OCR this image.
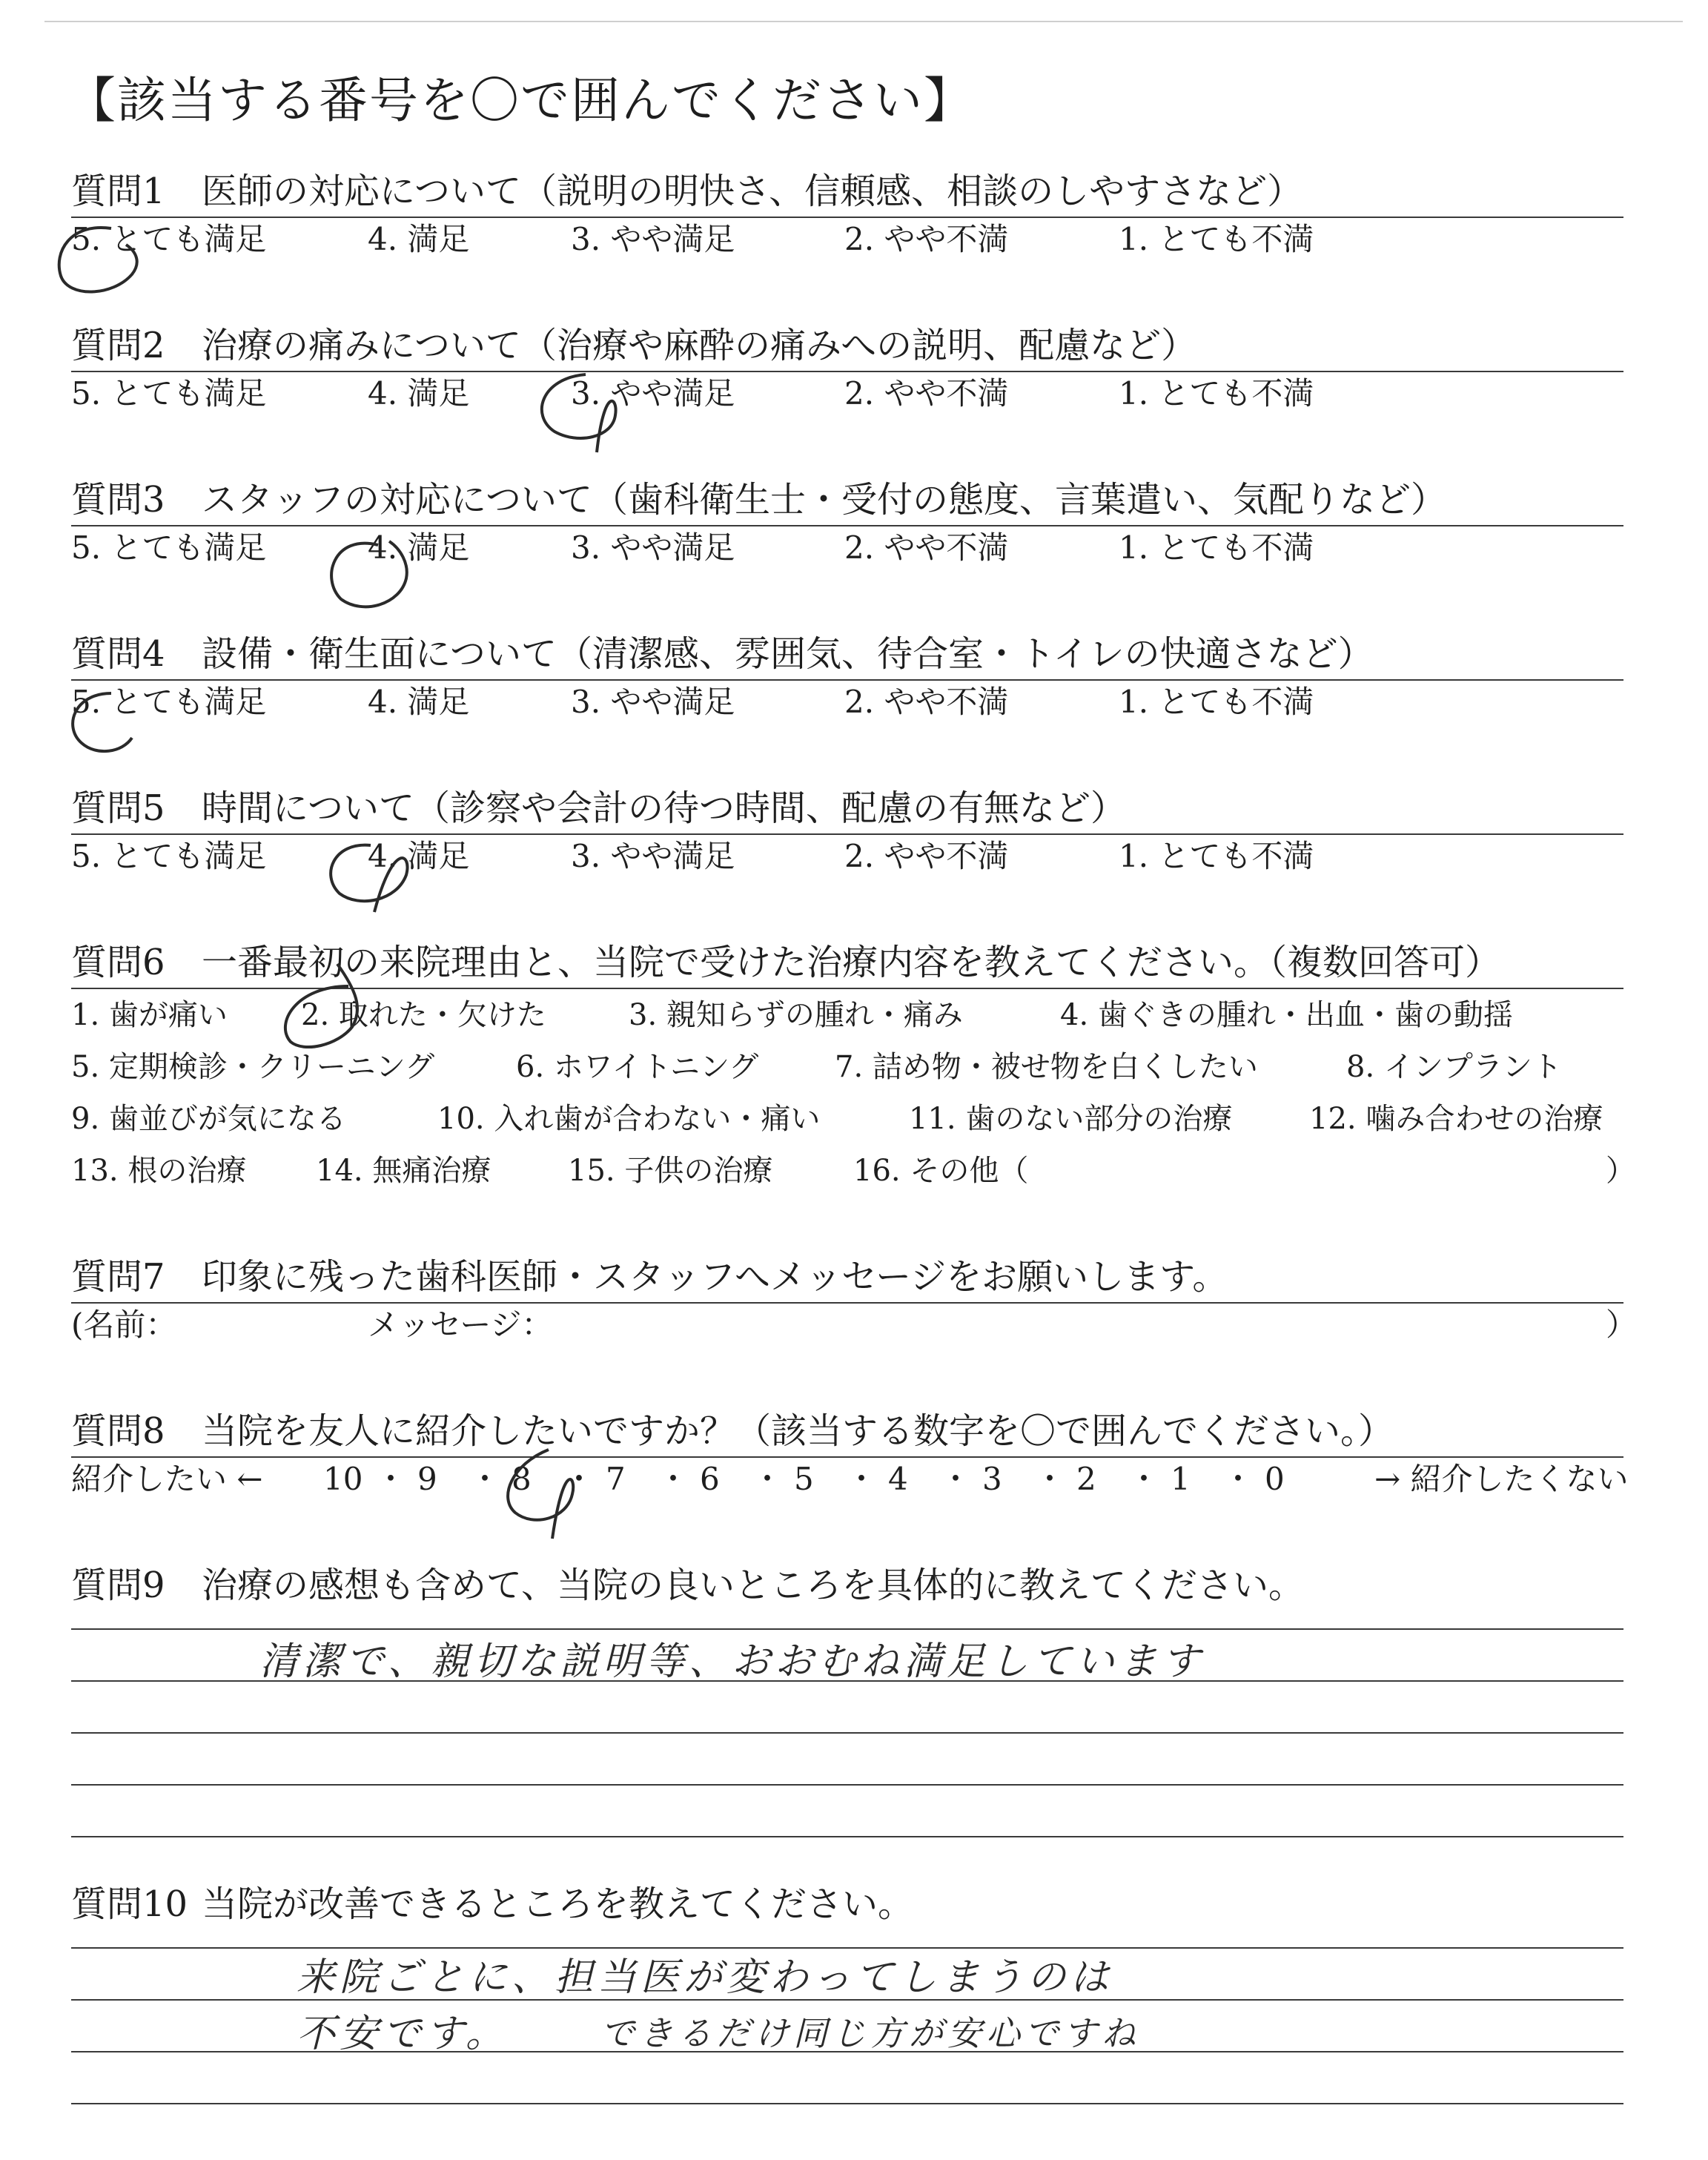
【該当する番号を〇で囲んでください】
質問1 医師の対応について（説明の明快さ、信頼感、相談のしやすさなど）
5. とても満足	4. 満足	3. やや満足	2. やや不満	1. とても不満
質問2 治療の痛みについて（治療や麻酔の痛みへの説明、配慮など）
5. とても満足	4. 満足	3. やや満足	2. やや不満	1. とても不満
質問3 スタッフの対応について（歯科衛生士・受付の態度、言葉遣い、気配りなど）
5. とても満足	4. 満足	3. やや満足	2. やや不満	1. とても不満
質問4 設備・衛生面について（清潔感、雰囲気、待合室・トイレの快適さなど）
5. とても満足	4. 満足	3. やや満足	2. やや不満	1. とても不満
質問5 時間について（診察や会計の待つ時間、配慮の有無など）
5. とても満足	4. 満足	3. やや満足	2. やや不満	1. とても不満
質問6 一番最初の来院理由と、当院で受けた治療内容を教えてください。（複数回答可）
1. 歯が痛い 2. 取れた・欠けた	3. 親知らずの腫れ・痛み	4. 歯ぐきの腫れ・出血・歯の動揺
5. 定期検診・クリーニング	6. ホワイトニング	7. 詰め物・被せ物を白くしたい	8. インプラント
9. 歯並びが気になる	10. 入れ歯が合わない・痛い	11. 歯のない部分の治療	12. 噛み合わせの治療
13. 根の治療 14. 無痛治療	15. 子供の治療	16. その他（	）
質問7 印象に残った歯科医師・スタッフへメッセージをお願いします。
(名前：	メッセージ：	）
質問8 当院を友人に紹介したいですか？（該当する数字を〇で囲んでください。）
紹介したい ←	→ 紹介したくない
10 ・ 9 ・ 8 ・ 7 ・ 6 ・ 5 ・ 4 ・ 3 ・ 2 ・ 1 ・ 0
質問9 治療の感想も含めて、当院の良いところを具体的に教えてください。
清潔で、親切な説明等、おおむね満足しています
質問10 当院が改善できるところを教えてください。
来院ごとに、担当医が変わってしまうのは
不安です。	できるだけ同じ方が安心ですね
